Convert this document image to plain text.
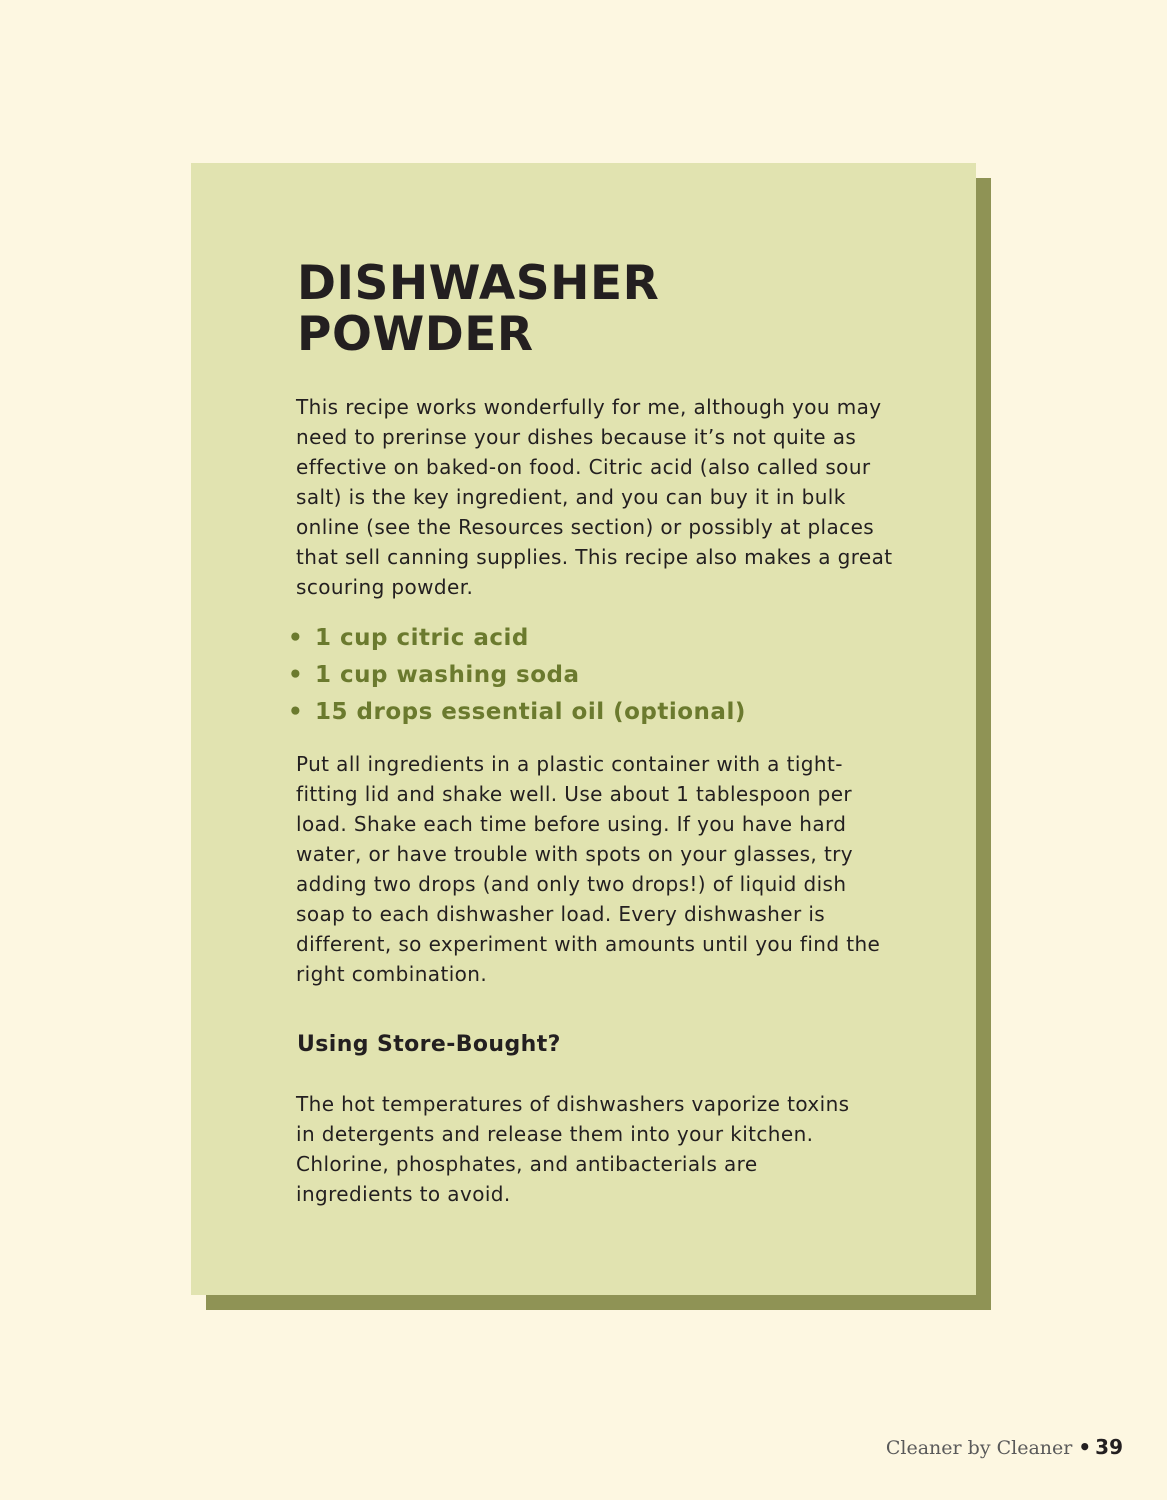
DISHWASHER
POWDER

This recipe works wonderfully for me, although you may need to prerinse your dishes because it’s not quite as effective on baked-on food. Citric acid (also called sour salt) is the key ingredient, and you can buy it in bulk online (see the Resources section) or possibly at places that sell canning supplies. This recipe also makes a great scouring powder.

• 1 cup citric acid
• 1 cup washing soda
• 15 drops essential oil (optional)

Put all ingredients in a plastic container with a tight-fitting lid and shake well. Use about 1 tablespoon per load. Shake each time before using. If you have hard water, or have trouble with spots on your glasses, try adding two drops (and only two drops!) of liquid dish soap to each dishwasher load. Every dishwasher is different, so experiment with amounts until you find the right combination.

Using Store-Bought?

The hot temperatures of dishwashers vaporize toxins in detergents and release them into your kitchen. Chlorine, phosphates, and antibacterials are ingredients to avoid.

Cleaner by Cleaner • 39
